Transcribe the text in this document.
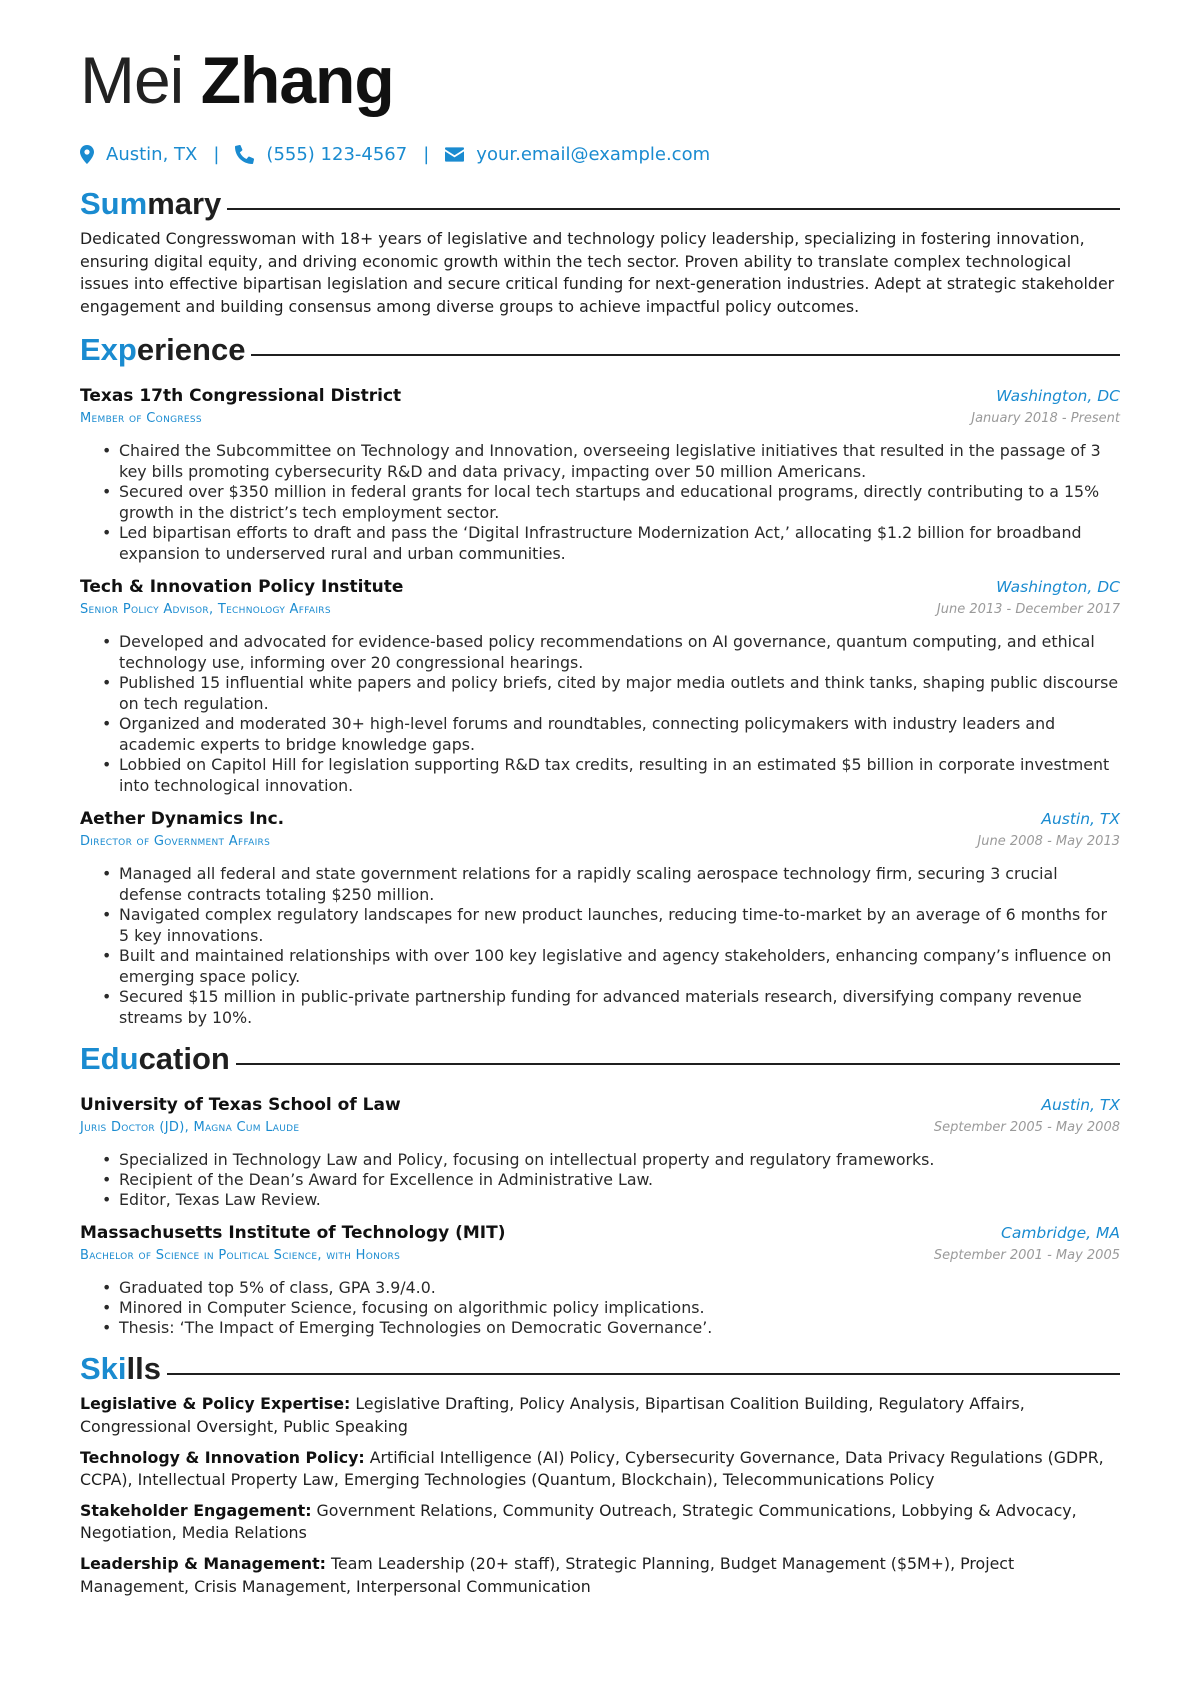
Mei Zhang
Austin, TX |	(555) 123-4567 |	your.email@example.com
Summary

Dedicated Congresswoman with 18+ years of legislative and technology policy leadership, specializing in fostering innovation, ensuring digital equity, and driving economic growth within the tech sector. Proven ability to translate complex technological issues into effective bipartisan legislation and secure critical funding for next-generation industries. Adept at strategic stakeholder engagement and building consensus among diverse groups to achieve impactful policy outcomes.

Experience
Texas 17th Congressional District	Washington, DC
Member of Congress	January 2018 - Present
• Chaired the Subcommittee on Technology and Innovation, overseeing legislative initiatives that resulted in the passage of 3 key bills promoting cybersecurity R&D and data privacy, impacting over 50 million Americans.
• Secured over $350 million in federal grants for local tech startups and educational programs, directly contributing to a 15% growth in the district’s tech employment sector.
• Led bipartisan efforts to draft and pass the ‘Digital Infrastructure Modernization Act,’ allocating $1.2 billion for broadband expansion to underserved rural and urban communities.
Tech & Innovation Policy Institute	Washington, DC
Senior Policy Advisor, Technology Affairs	June 2013 - December 2017
• Developed and advocated for evidence-based policy recommendations on AI governance, quantum computing, and ethical technology use, informing over 20 congressional hearings.
• Published 15 influential white papers and policy briefs, cited by major media outlets and think tanks, shaping public discourse on tech regulation.
• Organized and moderated 30+ high-level forums and roundtables, connecting policymakers with industry leaders and academic experts to bridge knowledge gaps.
• Lobbied on Capitol Hill for legislation supporting R&D tax credits, resulting in an estimated $5 billion in corporate investment into technological innovation.
Aether Dynamics Inc.	Austin, TX
Director of Government Affairs	June 2008 - May 2013
• Managed all federal and state government relations for a rapidly scaling aerospace technology firm, securing 3 crucial defense contracts totaling $250 million.
• Navigated complex regulatory landscapes for new product launches, reducing time-to-market by an average of 6 months for 5 key innovations.
• Built and maintained relationships with over 100 key legislative and agency stakeholders, enhancing company’s influence on emerging space policy.
• Secured $15 million in public-private partnership funding for advanced materials research, diversifying company revenue streams by 10%.
Education
University of Texas School of Law	Austin, TX
Juris Doctor (JD), Magna Cum Laude	September 2005 - May 2008
• Specialized in Technology Law and Policy, focusing on intellectual property and regulatory frameworks.
• Recipient of the Dean’s Award for Excellence in Administrative Law.
• Editor, Texas Law Review.
Massachusetts Institute of Technology (MIT)	Cambridge, MA
Bachelor of Science in Political Science, with Honors	September 2001 - May 2005
• Graduated top 5% of class, GPA 3.9/4.0.
• Minored in Computer Science, focusing on algorithmic policy implications.
• Thesis: ‘The Impact of Emerging Technologies on Democratic Governance’.
Skills

Legislative & Policy Expertise: Legislative Drafting, Policy Analysis, Bipartisan Coalition Building, Regulatory Affairs, Congressional Oversight, Public Speaking

Technology & Innovation Policy: Artificial Intelligence (AI) Policy, Cybersecurity Governance, Data Privacy Regulations (GDPR, CCPA), Intellectual Property Law, Emerging Technologies (Quantum, Blockchain), Telecommunications Policy

Stakeholder Engagement: Government Relations, Community Outreach, Strategic Communications, Lobbying & Advocacy, Negotiation, Media Relations

Leadership & Management: Team Leadership (20+ staff), Strategic Planning, Budget Management ($5M+), Project Management, Crisis Management, Interpersonal Communication
